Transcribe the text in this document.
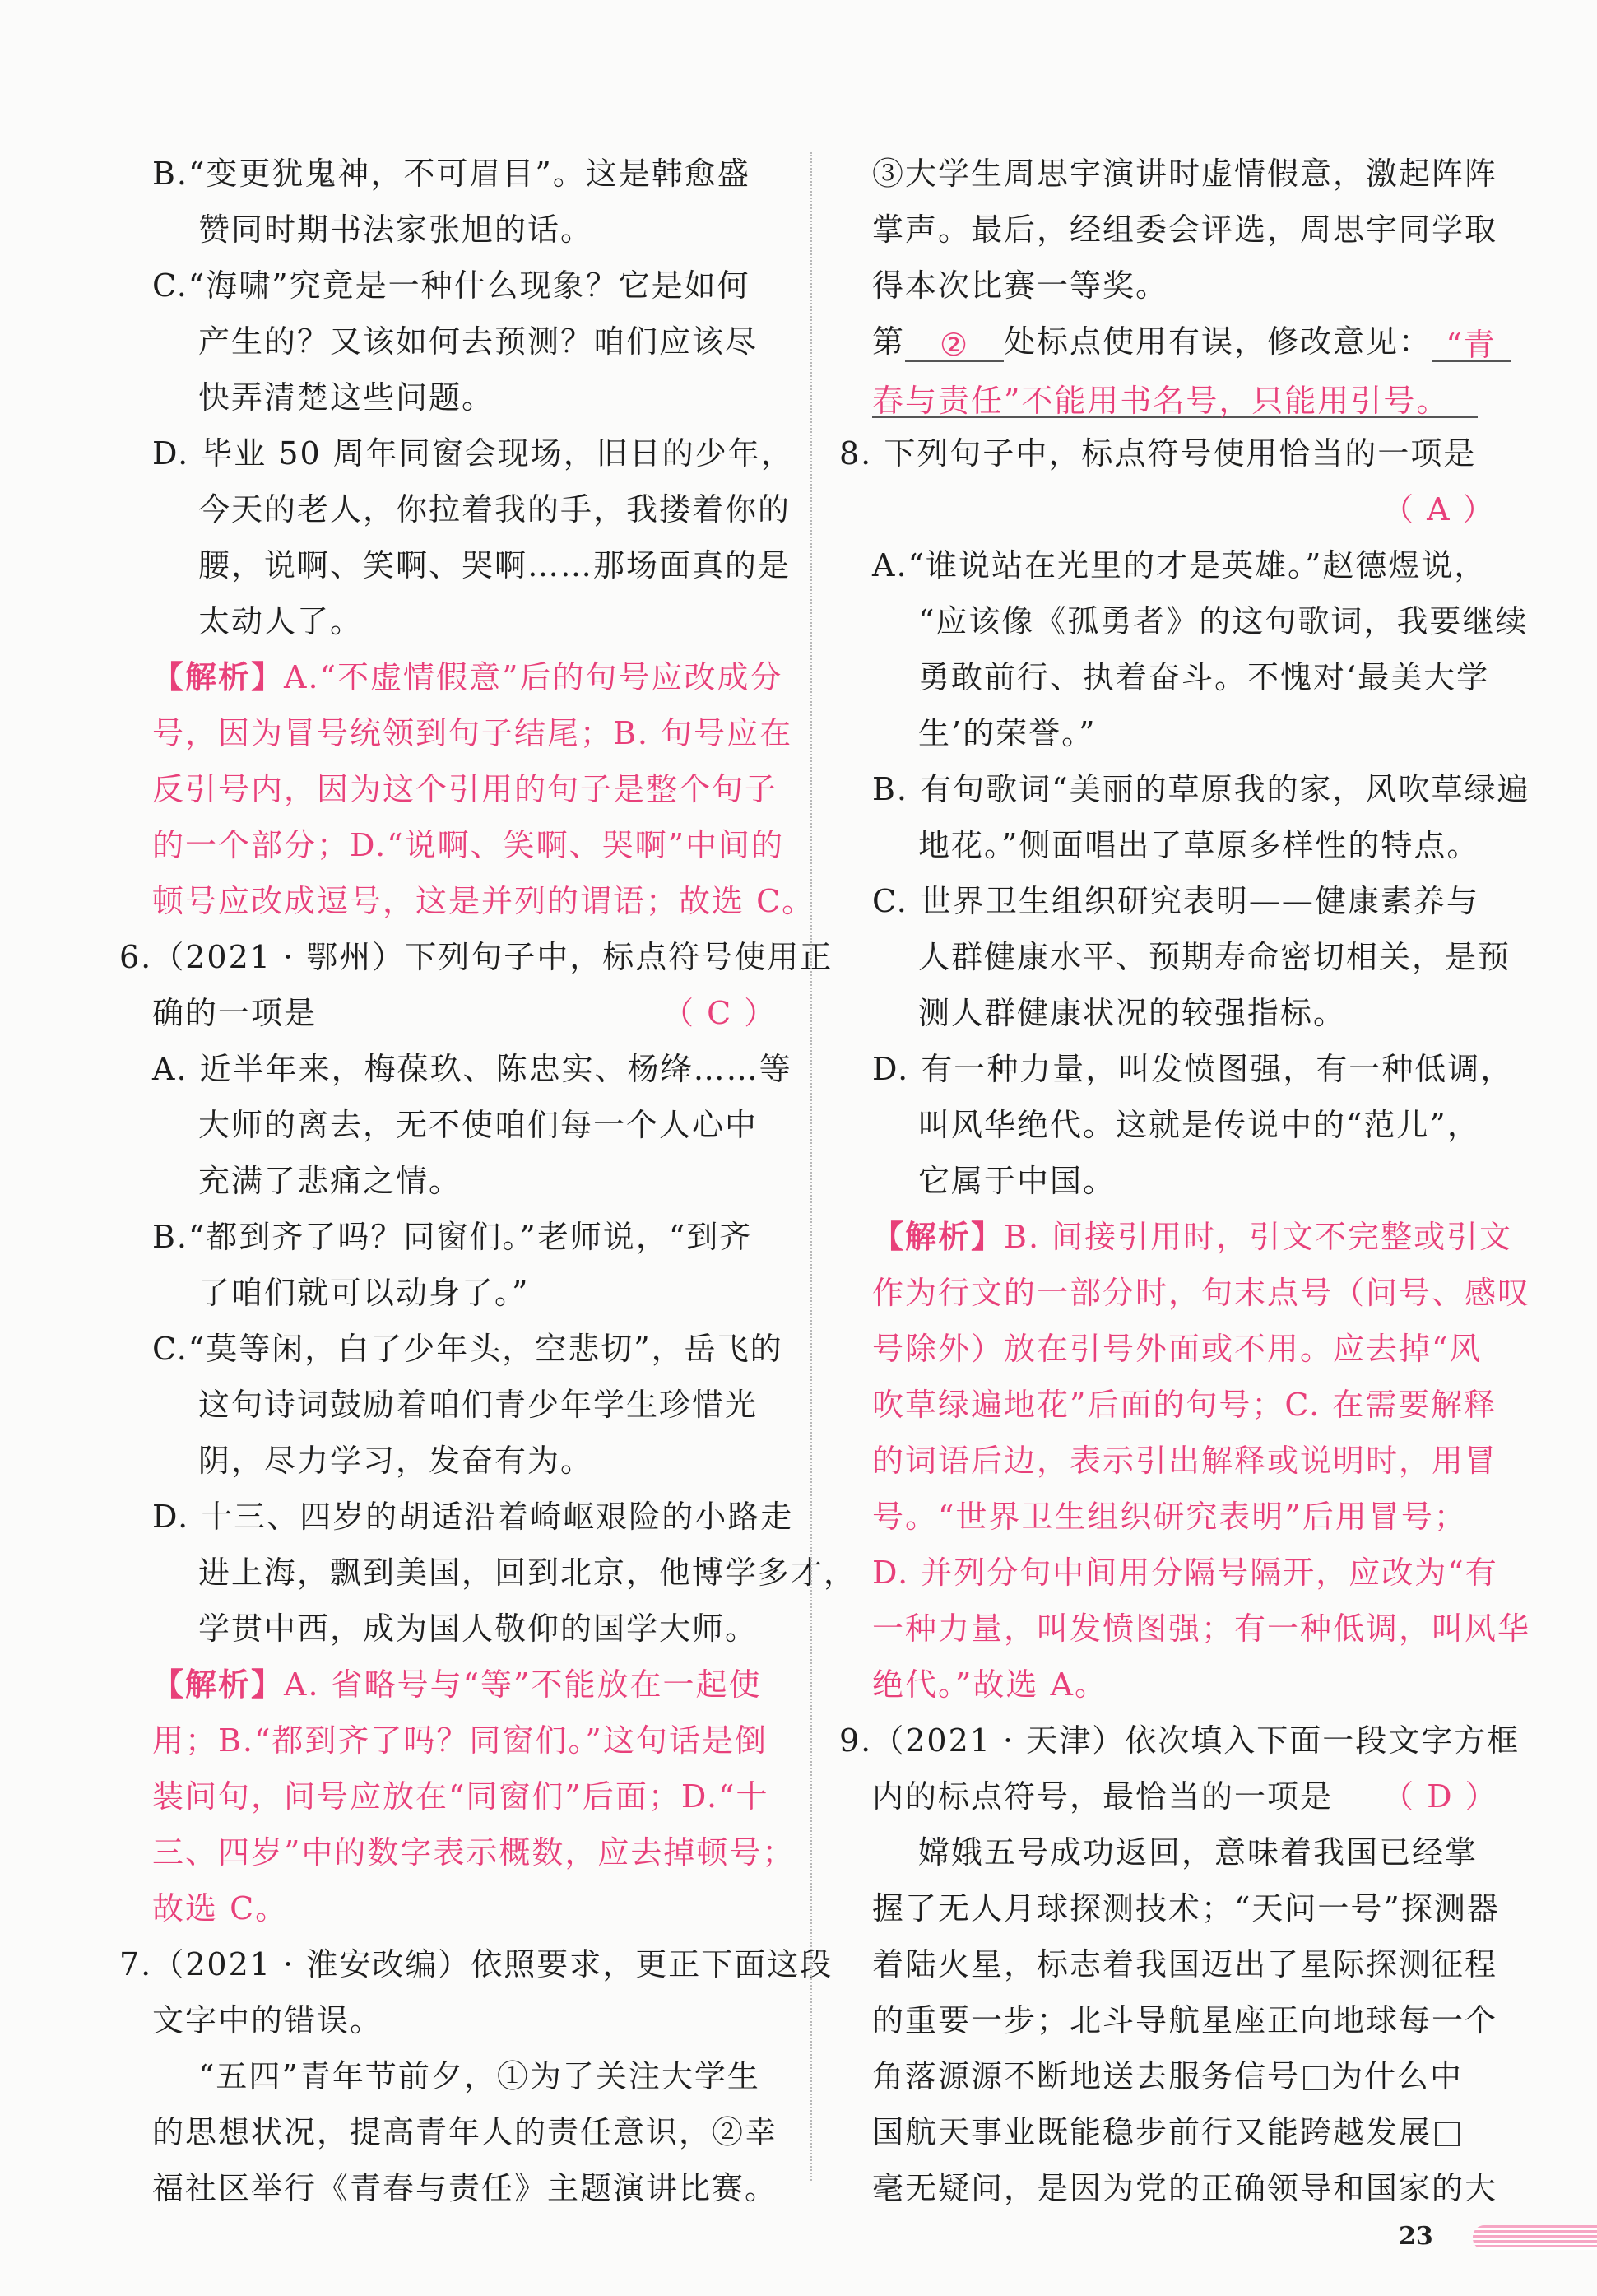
B.“变更犹鬼神，不可眉目”。这是韩愈盛
赞同时期书法家张旭的话。
C.“海啸”究竟是一种什么现象？它是如何
产生的？又该如何去预测？咱们应该尽
快弄清楚这些问题。
D. 毕业 50 周年同窗会现场，旧日的少年，
今天的老人，你拉着我的手，我搂着你的
腰，说啊、笑啊、哭啊……那场面真的是
太动人了。
【解析】A.“不虚情假意”后的句号应改成分
号，因为冒号统领到句子结尾；B. 句号应在
反引号内，因为这个引用的句子是整个句子
的一个部分；D.“说啊、笑啊、哭啊”中间的
顿号应改成逗号，这是并列的谓语；故选 C。
6.（2021 · 鄂州）下列句子中，标点符号使用正
确的一项是	（ C ）
A. 近半年来，梅葆玖、陈忠实、杨绛……等
大师的离去，无不使咱们每一个人心中
充满了悲痛之情。
B.“都到齐了吗？同窗们。”老师说，“到齐
了咱们就可以动身了。”
C.“莫等闲，白了少年头，空悲切”，岳飞的
这句诗词鼓励着咱们青少年学生珍惜光
阴，尽力学习，发奋有为。
D. 十三、四岁的胡适沿着崎岖艰险的小路走
进上海，飘到美国，回到北京，他博学多才，
学贯中西，成为国人敬仰的国学大师。
【解析】A. 省略号与“等”不能放在一起使
用；B.“都到齐了吗？同窗们。”这句话是倒
装问句，问号应放在“同窗们”后面；D.“十
三、四岁”中的数字表示概数，应去掉顿号；
故选 C。
7.（2021 · 淮安改编）依照要求，更正下面这段
文字中的错误。
“五四”青年节前夕，①为了关注大学生
的思想状况，提高青年人的责任意识，②幸
福社区举行《青春与责任》主题演讲比赛。
③大学生周思宇演讲时虚情假意，激起阵阵
掌声。最后，经组委会评选，周思宇同学取
得本次比赛一等奖。
第 ② 处标点使用有误，修改意见： “青
春与责任”不能用书名号，只能用引号。
8. 下列句子中，标点符号使用恰当的一项是
（ A ）
A.“谁说站在光里的才是英雄。”赵德煜说，
“应该像《孤勇者》的这句歌词，我要继续
勇敢前行、执着奋斗。不愧对‘最美大学
生’的荣誉。”
B. 有句歌词“美丽的草原我的家，风吹草绿遍
地花。”侧面唱出了草原多样性的特点。
C. 世界卫生组织研究表明——健康素养与
人群健康水平、预期寿命密切相关，是预
测人群健康状况的较强指标。
D. 有一种力量，叫发愤图强，有一种低调，
叫风华绝代。这就是传说中的“范儿”，
它属于中国。
【解析】B. 间接引用时，引文不完整或引文
作为行文的一部分时，句末点号（问号、感叹
号除外）放在引号外面或不用。应去掉“风
吹草绿遍地花”后面的句号；C. 在需要解释
的词语后边，表示引出解释或说明时，用冒
号。“世界卫生组织研究表明”后用冒号；
D. 并列分句中间用分隔号隔开，应改为“有
一种力量，叫发愤图强；有一种低调，叫风华
绝代。”故选 A。
9.（2021 · 天津）依次填入下面一段文字方框
内的标点符号，最恰当的一项是 （ D ）
嫦娥五号成功返回，意味着我国已经掌
握了无人月球探测技术；“天问一号”探测器
着陆火星，标志着我国迈出了星际探测征程
的重要一步；北斗导航星座正向地球每一个
角落源源不断地送去服务信号 为什么中
国航天事业既能稳步前行又能跨越发展
毫无疑问，是因为党的正确领导和国家的大
23
